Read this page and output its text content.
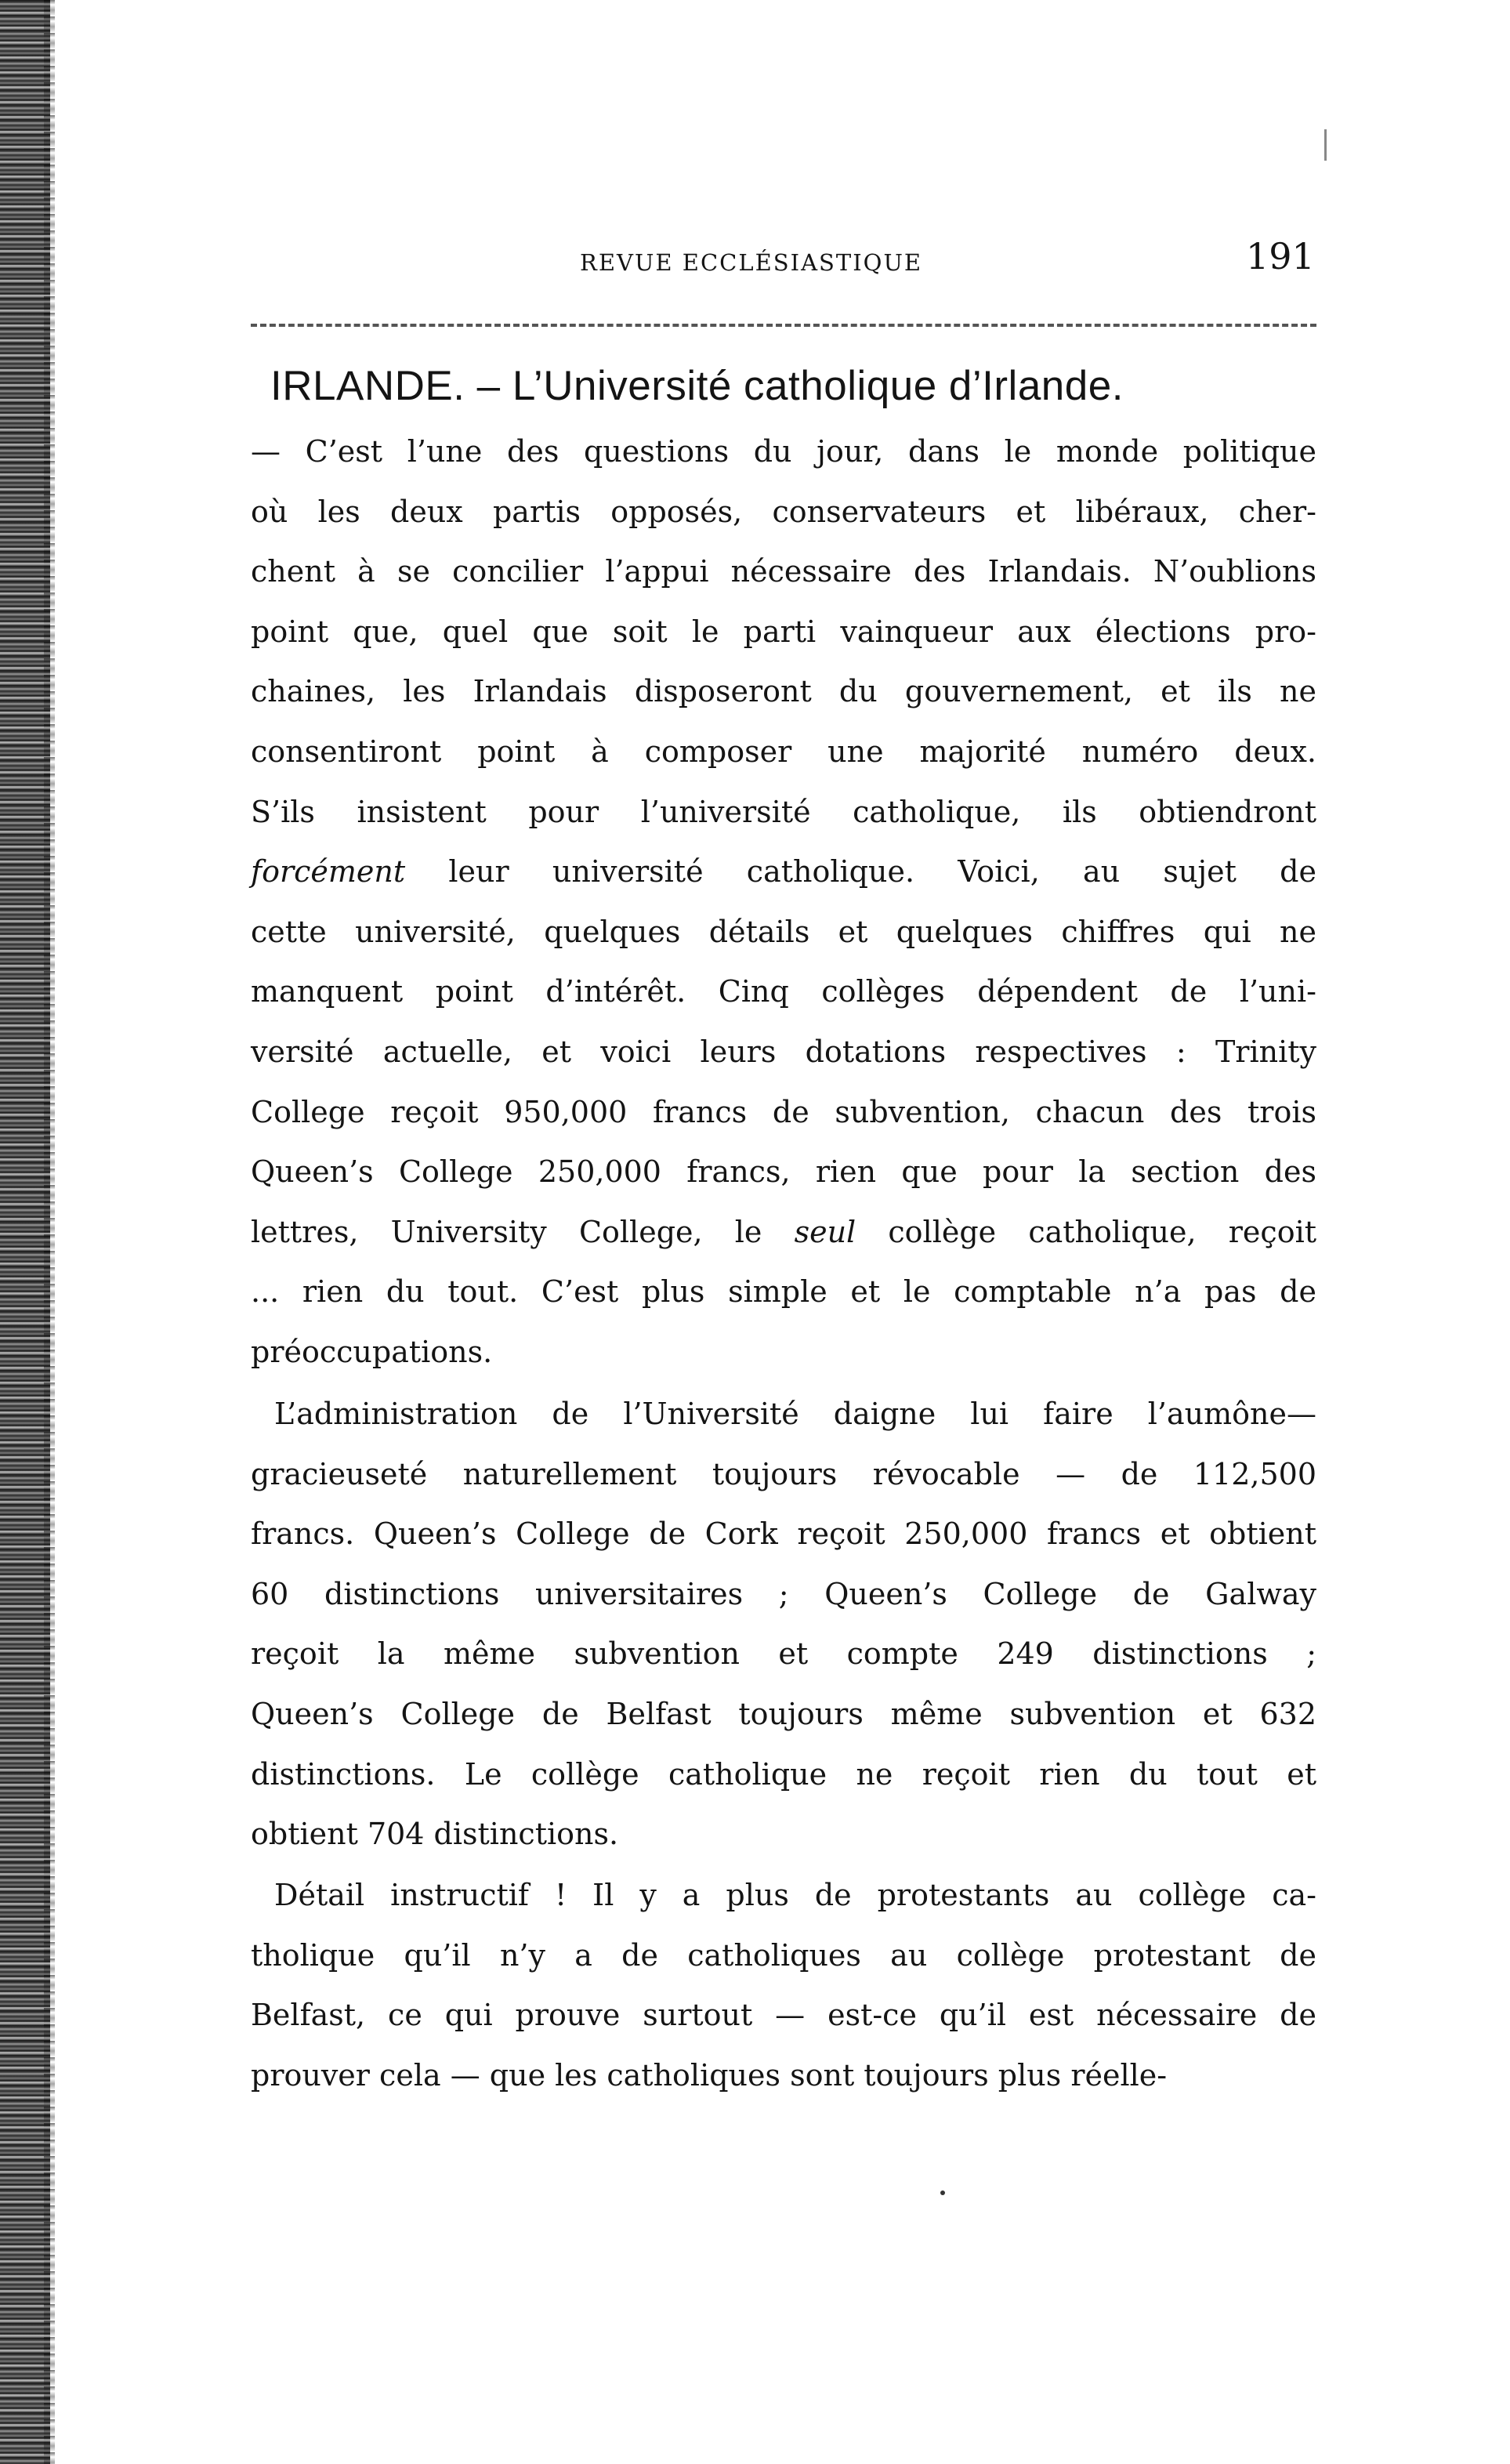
REVUE ECCLÉSIASTIQUE	191
IRLANDE. – L’Université catholique d’Irlande.
— C’est l’une des questions du jour, dans le monde politique
où les deux partis opposés, conservateurs et libéraux, cher-
chent à se concilier l’appui nécessaire des Irlandais. N’oublions
point que, quel que soit le parti vainqueur aux élections pro-
chaines, les Irlandais disposeront du gouvernement, et ils ne
consentiront point à composer une majorité numéro deux.
S’ils insistent pour l’université catholique, ils obtiendront
forcément leur université catholique. Voici, au sujet de
cette université, quelques détails et quelques chiffres qui ne
manquent point d’intérêt. Cinq collèges dépendent de l’uni-
versité actuelle, et voici leurs dotations respectives : Trinity
College reçoit 950,000 francs de subvention, chacun des trois
Queen’s College 250,000 francs, rien que pour la section des
lettres, University College, le seul collège catholique, reçoit
... rien du tout. C’est plus simple et le comptable n’a pas de
préoccupations.
L’administration de l’Université daigne lui faire l’aumône—
gracieuseté naturellement toujours révocable — de 112,500
francs. Queen’s College de Cork reçoit 250,000 francs et obtient
60 distinctions universitaires ; Queen’s College de Galway
reçoit la même subvention et compte 249 distinctions ;
Queen’s College de Belfast toujours même subvention et 632
distinctions. Le collège catholique ne reçoit rien du tout et
obtient 704 distinctions.
Détail instructif ! Il y a plus de protestants au collège ca-
tholique qu’il n’y a de catholiques au collège protestant de
Belfast, ce qui prouve surtout — est-ce qu’il est nécessaire de
prouver cela — que les catholiques sont toujours plus réelle-
